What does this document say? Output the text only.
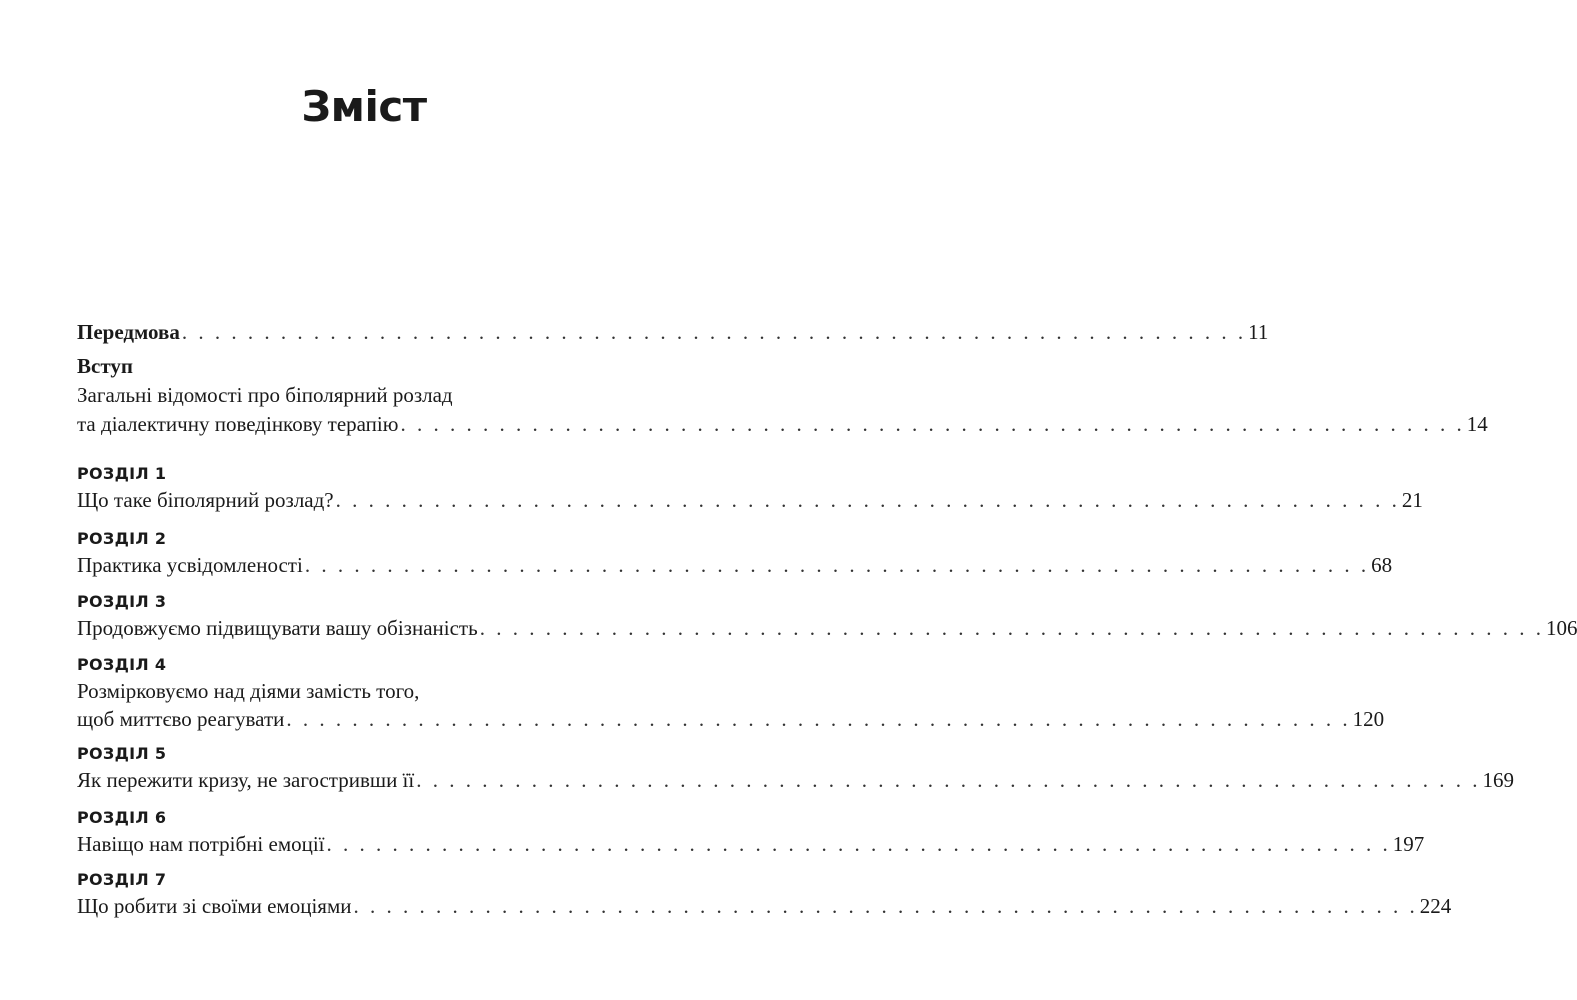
Зміст
Передмова . . . . . . . . . . . . . . . . . . . . . . . . . . . . . . . . . . . . . . . . . . . . . . . . . . . . . . . . . . . . . . . . . 11
Вступ
Загальні відомості про біполярний розлад
та діалектичну поведінкову терапію . . . . . . . . . . . . . . . . . . . . . . . . . . . . . . . . . . . . . . . . . . . . . . . . . . . . . . . . . . . . . . . . . 14
РОЗДІЛ 1
Що таке біполярний розлад? . . . . . . . . . . . . . . . . . . . . . . . . . . . . . . . . . . . . . . . . . . . . . . . . . . . . . . . . . . . . . . . . . 21
РОЗДІЛ 2
Практика усвідомленості . . . . . . . . . . . . . . . . . . . . . . . . . . . . . . . . . . . . . . . . . . . . . . . . . . . . . . . . . . . . . . . . . 68
РОЗДІЛ 3
Продовжуємо підвищувати вашу обізнаність . . . . . . . . . . . . . . . . . . . . . . . . . . . . . . . . . . . . . . . . . . . . . . . . . . . . . . . . . . . . . . . . . 106
РОЗДІЛ 4
Розмірковуємо над діями замість того,
щоб миттєво реагувати . . . . . . . . . . . . . . . . . . . . . . . . . . . . . . . . . . . . . . . . . . . . . . . . . . . . . . . . . . . . . . . . . 120
РОЗДІЛ 5
Як пережити кризу, не загостривши її . . . . . . . . . . . . . . . . . . . . . . . . . . . . . . . . . . . . . . . . . . . . . . . . . . . . . . . . . . . . . . . . . 169
РОЗДІЛ 6
Навіщо нам потрібні емоції . . . . . . . . . . . . . . . . . . . . . . . . . . . . . . . . . . . . . . . . . . . . . . . . . . . . . . . . . . . . . . . . . 197
РОЗДІЛ 7
Що робити зі своїми емоціями . . . . . . . . . . . . . . . . . . . . . . . . . . . . . . . . . . . . . . . . . . . . . . . . . . . . . . . . . . . . . . . . . 224
